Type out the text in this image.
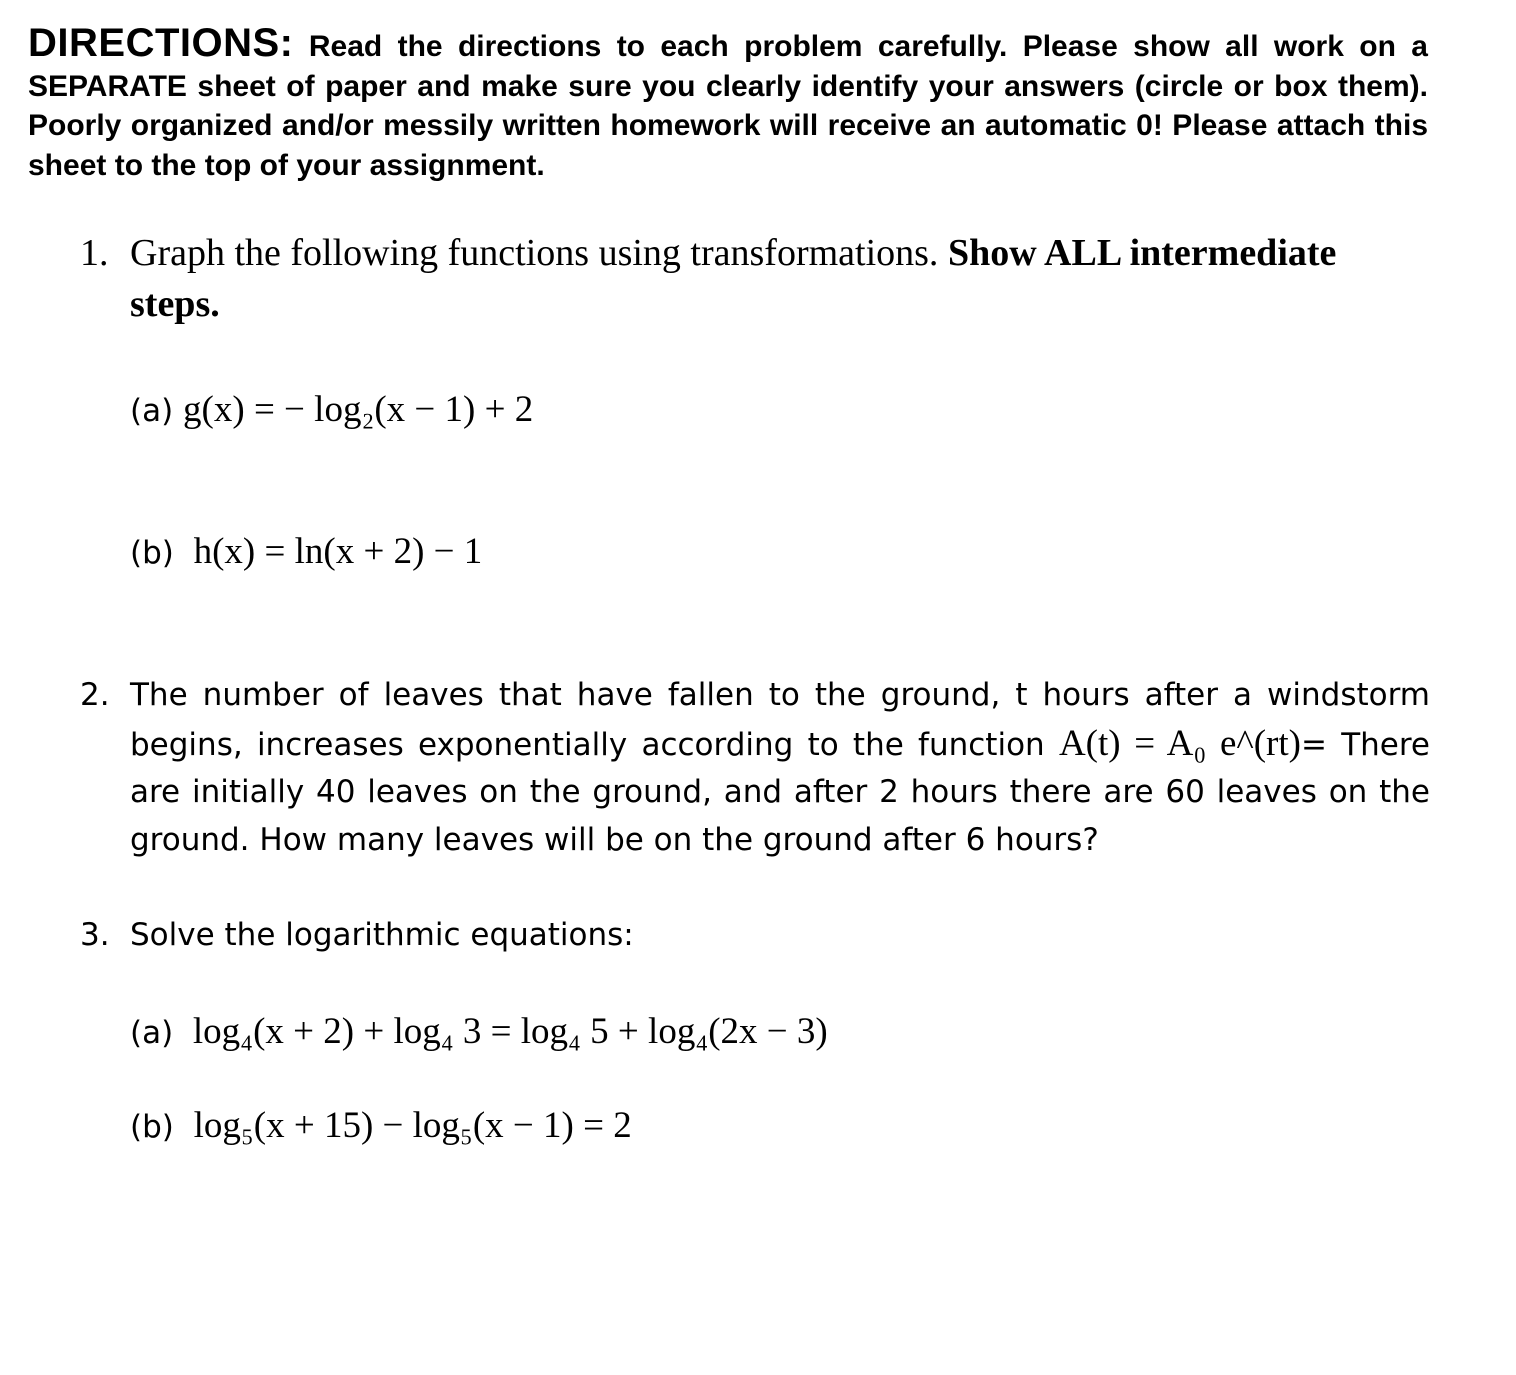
DIRECTIONS: Read the directions to each problem carefully. Please show all work on a SEPARATE sheet of paper and make sure you clearly identify your answers (circle or box them). Poorly organized and/or messily written homework will receive an automatic 0! Please attach this sheet to the top of your assignment.
1. Graph the following functions using transformations. Show ALL intermediate steps.
(a) g(x) = − log₂(x − 1) + 2
(b) h(x) = ln(x + 2) − 1
2. The number of leaves that have fallen to the ground, t hours after a windstorm begins, increases exponentially according to the function A(t) = A₀ e^(rt)= There are initially 40 leaves on the ground, and after 2 hours there are 60 leaves on the ground. How many leaves will be on the ground after 6 hours?
3. Solve the logarithmic equations:
(a) log₄(x + 2) + log₄ 3 = log₄ 5 + log₄(2x − 3)
(b) log₅(x + 15) − log₅(x − 1) = 2
